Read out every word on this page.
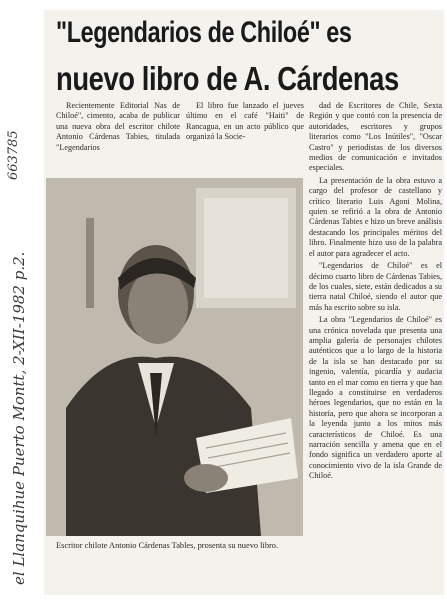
663785
el Llanquihue Puerto Montt, 2-XII-1982 p.2.
"Legendarios de Chiloé" es
nuevo libro de A. Cárdenas

Recientemente Editorial Nas de Chiloé", cimento, acaba de publicar una nueva obra del escritor chilote Antonio Cárdenas Tabies, titulada "Legendarios

El libro fue lanzado el jueves último en el café "Haiti" de Rancagua, en un acto público que organizó la Socie-

dad de Escritores de Chile, Sexta Región y que contó con la presencia de autoridades, escritores y grupos literarios como "Los Inútiles", "Oscar Castro" y periodistas de los diversos medios de comunicación e invitados especiales.

La presentación de la obra estuvo a cargo del profesor de castellano y crítico literario Luis Agoni Molina, quien se refirió a la obra de Antonio Cárdenas Tabies e hizo un breve análisis destacando los principales méritos del libro. Finalmente hizo uso de la palabra el autor para agradecer el acto.

"Legendarios de Chiloé" es el décimo cuarto libro de Cárdenas Tabies, de los cuales, siete, están dedicados a su tierra natal Chiloé, siendo el autor que más ha escrito sobre su isla.

La obra "Legendarios de Chiloé" es una crónica novelada que presenta una amplia galería de personajes chilotes auténticos que a lo largo de la historia de la isla se han destacado por su ingenio, valentía, picardía y audacia tanto en el mar como en tierra y que han llegado a constituirse en verdaderos héroes legendarios, que no están en la historia, pero que ahora se incorporan a la leyenda junto a los mitos más característicos de Chiloé. Es una narración sencilla y amena que en el fondo significa un verdadero aporte al conocimiento vivo de la isla Grande de Chiloé.

Escritor chilote Antonio Cárdenas Tables, prosenta su nuevo libro.
